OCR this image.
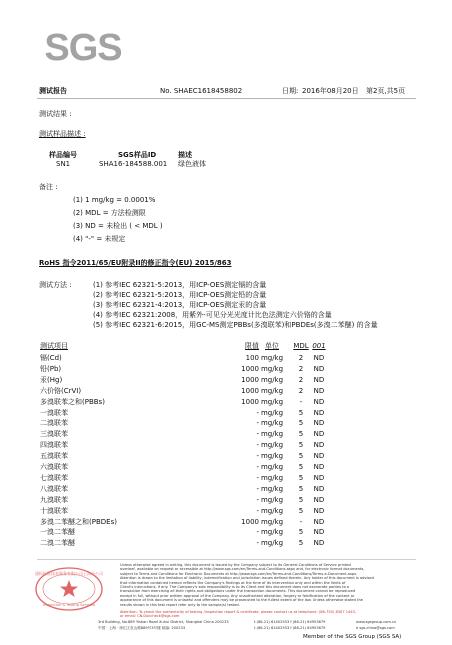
SGS
测试报告	No. SHAEC1618458802	日期: 2016年08月20日 第2页,共5页
测试结果 :
测试样品描述 :
样品编号	SGS样品ID	描述
SN1	SHA16-184588.001 绿色液体
备注 :
(1) 1 mg/kg = 0.0001%
(2) MDL = 方法检测限
(3) ND = 未检出 ( < MDL )
(4) "-" = 未规定
RoHS 指令2011/65/EU附录II的修正指令(EU) 2015/863
测试方法 :	(1) 参考IEC 62321-5:2013，用ICP-OES测定镉的含量
(2) 参考IEC 62321-5:2013，用ICP-OES测定铅的含量
(3) 参考IEC 62321-4:2013，用ICP-OES测定汞的含量
(4) 参考IEC 62321:2008，用紫外-可见分光光度计比色法测定六价铬的含量
(5) 参考IEC 62321-6:2015，用GC-MS测定PBBs(多溴联苯)和PBDEs(多溴二苯醚) 的含量
测试项目	限值 单位	MDL 001
镉(Cd)	100 mg/kg	2	ND
铅(Pb)	1000 mg/kg	2	ND
汞(Hg)	1000 mg/kg	2	ND
六价铬(CrVI)	1000 mg/kg	2	ND
多溴联苯之和(PBBs)	1000 mg/kg	-	ND
一溴联苯	- mg/kg	5	ND
二溴联苯	- mg/kg	5	ND
三溴联苯	- mg/kg	5	ND
四溴联苯	- mg/kg	5	ND
五溴联苯	- mg/kg	5	ND
六溴联苯	- mg/kg	5	ND
七溴联苯	- mg/kg	5	ND
八溴联苯	- mg/kg	5	ND
九溴联苯	- mg/kg	5	ND
十溴联苯	- mg/kg	5	ND
多溴二苯醚之和(PBDEs)	1000 mg/kg	-	ND
一溴二苯醚	- mg/kg	5	ND
二溴二苯醚	- mg/kg	5	ND
通标标准技术服务有限公司上海分公司
Inspection & Testing Services
Unless otherwise agreed in writing, this document is issued by the Company subject to its General Conditions of Service printed
overleaf, available on request or accessible at http://www.sgs.com/en/Terms-and-Conditions.aspx and, for electronic format documents,
subject to Terms and Conditions for Electronic Documents at http://www.sgs.com/en/Terms-and-Conditions/Terms-e-Document.aspx.
Attention is drawn to the limitation of liability, indemnification and jurisdiction issues defined therein. Any holder of this document is advised
that information contained hereon reflects the Company's findings at the time of its intervention only and within the limits of
Client's instructions, if any. The Company's sole responsibility is to its Client and this document does not exonerate parties to a
transaction from exercising all their rights and obligations under the transaction documents. This document cannot be reproduced
except in full, without prior written approval of the Company. Any unauthorized alteration, forgery or falsification of the content or
appearance of this document is unlawful and offenders may be prosecuted to the fullest extent of the law. Unless otherwise stated the
results shown in this test report refer only to the sample(s) tested.
Attention: To check the authenticity of testing /inspection report & certificate, please contact us at telephone: (86-755) 8307 1443,
or email: CN.Doccheck@sgs.com
3rd Building, No.889 Yishan Road Xuhui District, Shanghai China 200233
中国 · 上海 · 徐汇区宜山路889号3号楼 邮编: 200233
t (86-21) 61402553 f (86-21) 64953679
t (86-21) 61402553 f (86-21) 64953679
www.sgsgroup.com.cn
e sgs.china@sgs.com
Member of the SGS Group (SGS SA)
